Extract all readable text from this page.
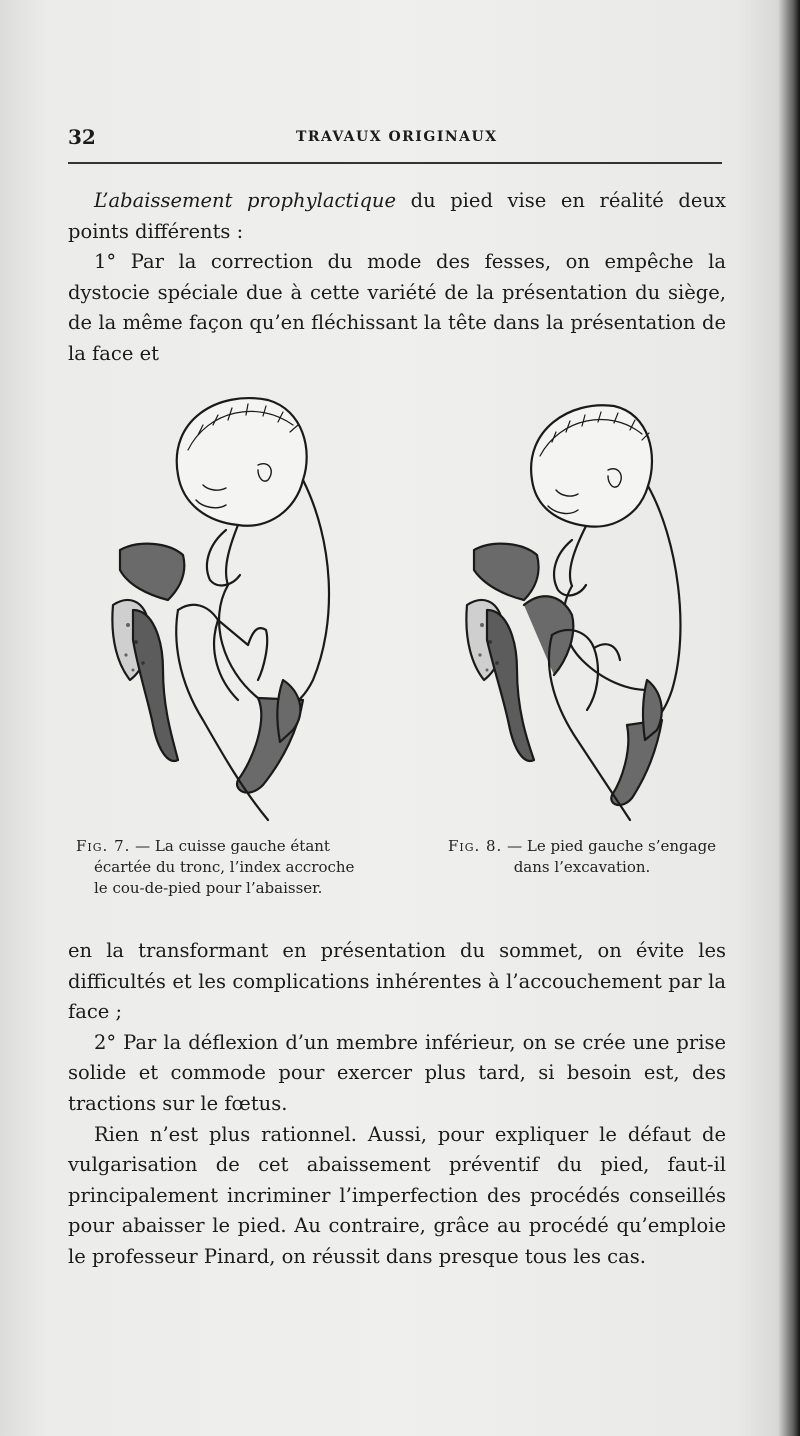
32	TRAVAUX ORIGINAUX

L’abaissement prophylactique du pied vise en réalité deux points différents :

1° Par la correction du mode des fesses, on empêche la dystocie spéciale due à cette variété de la présentation du siège, de la même façon qu’en fléchissant la tête dans la présentation de la face et

Fig. 7. — La cuisse gauche étant
écartée du tronc, l’index accroche
le cou-de-pied pour l’abaisser.
Fig. 8. — Le pied gauche s’engage
dans l’excavation.

en la transformant en présentation du sommet, on évite les difficultés et les complications inhérentes à l’accouchement par la face ;

2° Par la déflexion d’un membre inférieur, on se crée une prise solide et commode pour exercer plus tard, si besoin est, des tractions sur le fœtus.

Rien n’est plus rationnel. Aussi, pour expliquer le défaut de vulgarisation de cet abaissement préventif du pied, faut-il principalement incriminer l’imperfection des procédés conseillés pour abaisser le pied. Au contraire, grâce au procédé qu’emploie le professeur Pinard, on réussit dans presque tous les cas.
